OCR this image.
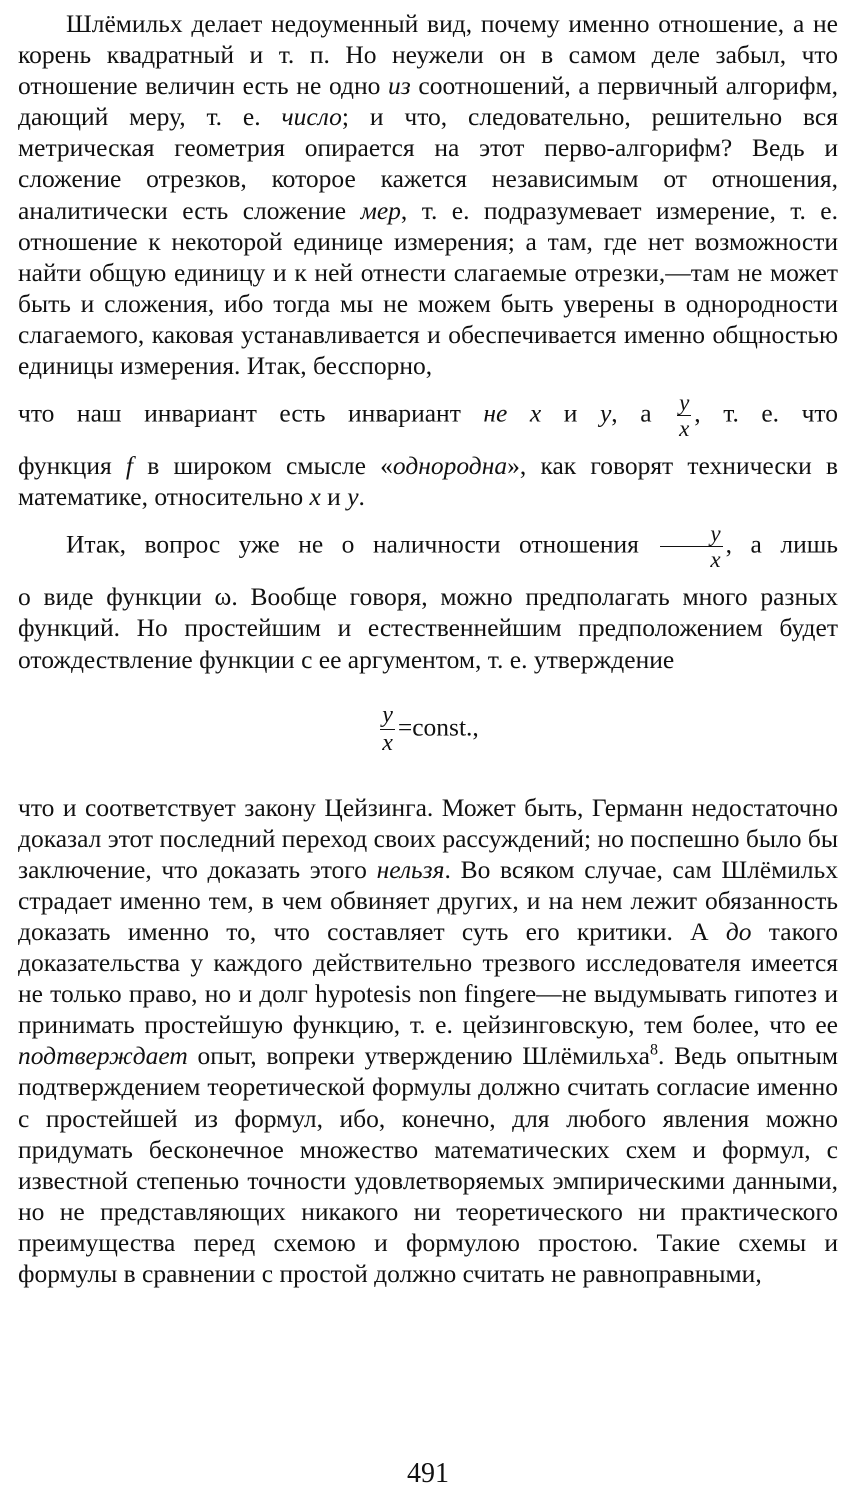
Шлёмильх делает недоуменный вид, почему именно отношение, а не корень квадратный и т. п. Но неужели он в самом деле забыл, что отношение величин есть не одно из соотношений, а первичный алгорифм, дающий меру, т. е. число; и что, следовательно, решительно вся метрическая геометрия опирается на этот перво-алгорифм? Ведь и сложение отрезков, которое кажется независимым от отношения, аналитически есть сложение мер, т. е. подразумевает измерение, т. е. отношение к некоторой единице измерения; а там, где нет возможности найти общую единицу и к ней отнести слагаемые отрезки,—там не может быть и сложения, ибо тогда мы не можем быть уверены в однородности слагаемого, каковая устанавливается и обеспечивается именно общностью единицы измерения. Итак, бесспорно,

что наш инвариант есть инвариант не x и y, а $\frac{y}{x}$ , т. е. что

функция f в широком смысле «однородна», как говорят технически в математике, относительно x и y.

Итак, вопрос уже не о наличности отношения $\frac{y}{x}$ , а лишь

о виде функции ω. Вообще говоря, можно предполагать много разных функций. Но простейшим и естественнейшим предположением будет отождествление функции с ее аргументом, т. е. утверждение

$\frac{y}{x}$ =const.,

что и соответствует закону Цейзинга. Может быть, Германн недостаточно доказал этот последний переход своих рассуждений; но поспешно было бы заключение, что доказать этого нельзя. Во всяком случае, сам Шлёмильх страдает именно тем, в чем обвиняет других, и на нем лежит обязанность доказать именно то, что составляет суть его критики. А до такого доказательства у каждого действительно трезвого исследователя имеется не только право, но и долг hypotesis non fingere—не выдумывать гипотез и принимать простейшую функцию, т. е. цейзинговскую, тем более, что ее подтверждает опыт, вопреки утверждению Шлёмильха$^8$. Ведь опытным подтверждением теоретической формулы должно считать согласие именно с простейшей из формул, ибо, конечно, для любого явления можно придумать бесконечное множество математических схем и формул, с известной степенью точности удовлетворяемых эмпирическими данными, но не представляющих никакого ни теоретического ни практического преимущества перед схемою и формулою простою. Такие схемы и формулы в сравнении с простой должно считать не равноправными,

491
